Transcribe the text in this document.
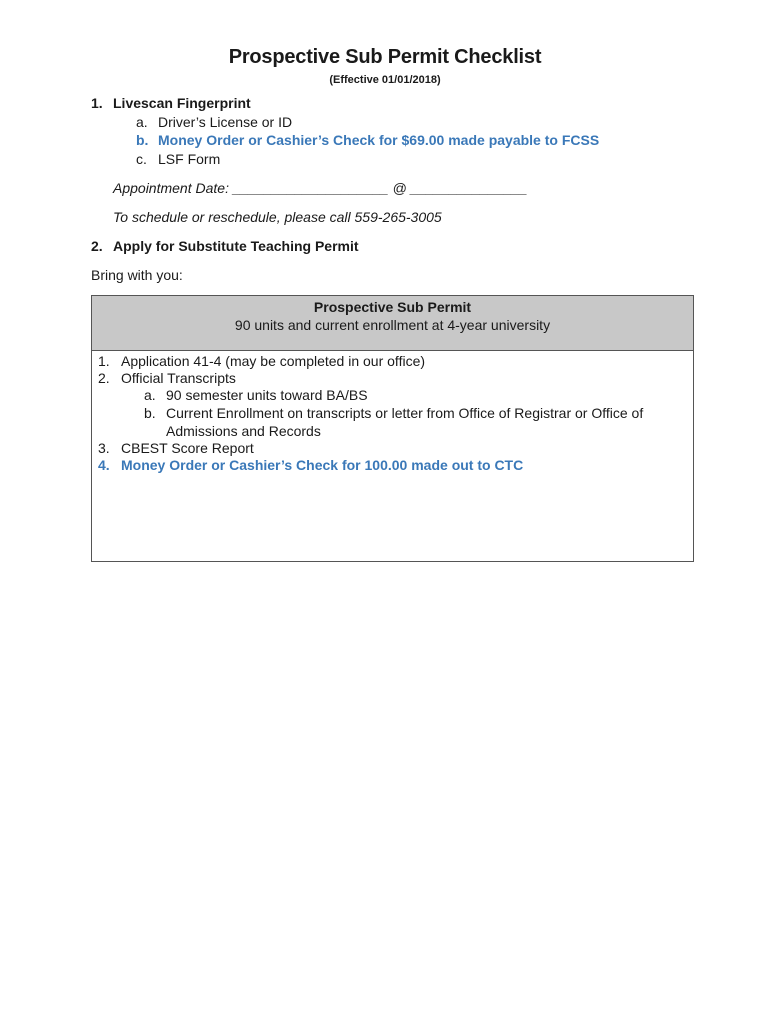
Prospective Sub Permit Checklist
(Effective 01/01/2018)
1. Livescan Fingerprint
a. Driver’s License or ID
b. Money Order or Cashier’s Check for $69.00 made payable to FCSS
c. LSF Form
Appointment Date: ____________________ @ _______________
To schedule or reschedule, please call 559-265-3005
2. Apply for Substitute Teaching Permit
Bring with you:
Prospective Sub Permit
90 units and current enrollment at 4-year university
1. Application 41-4 (may be completed in our office)
2. Official Transcripts
a. 90 semester units toward BA/BS
b. Current Enrollment on transcripts or letter from Office of Registrar or Office of
Admissions and Records
3. CBEST Score Report
4. Money Order or Cashier’s Check for 100.00 made out to CTC
